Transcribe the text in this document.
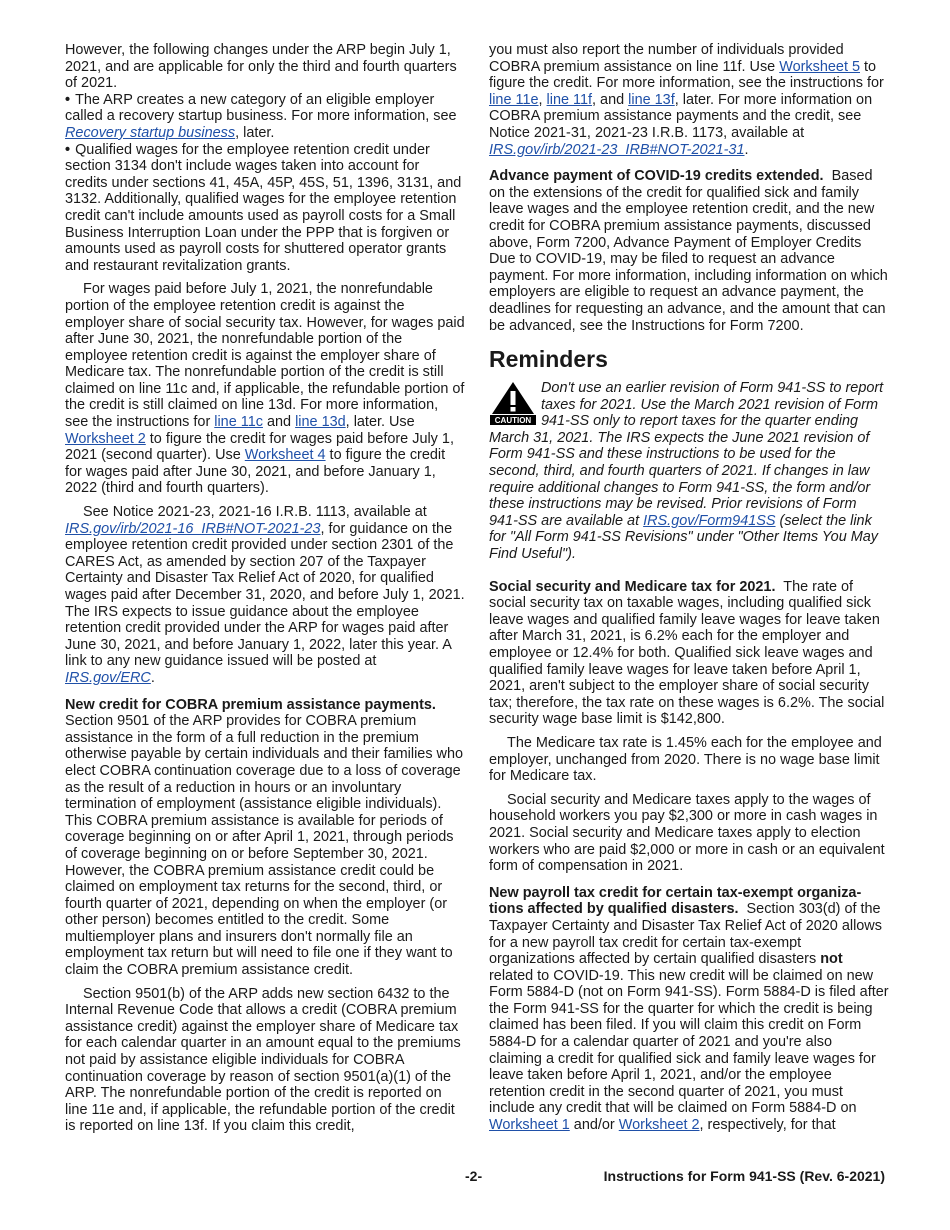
However, the following changes under the ARP begin July 1, 2021, and are applicable for only the third and fourth quarters of 2021.

• The ARP creates a new category of an eligible employer called a recovery startup business. For more information, see Recovery startup business, later.

• Qualified wages for the employee retention credit under section 3134 don't include wages taken into account for credits under sections 41, 45A, 45P, 45S, 51, 1396, 3131, and 3132. Additionally, qualified wages for the employee retention credit can't include amounts used as payroll costs for a Small Business Interruption Loan under the PPP that is forgiven or amounts used as payroll costs for shuttered operator grants and restaurant revitalization grants.

For wages paid before July 1, 2021, the nonrefundable portion of the employee retention credit is against the employer share of social security tax. However, for wages paid after June 30, 2021, the nonrefundable portion of the employee retention credit is against the employer share of Medicare tax. The nonrefundable portion of the credit is still claimed on line 11c and, if applicable, the refundable portion of the credit is still claimed on line 13d. For more information, see the instructions for line 11c and line 13d, later. Use Worksheet 2 to figure the credit for wages paid before July 1, 2021 (second quarter). Use Worksheet 4 to figure the credit for wages paid after June 30, 2021, and before January 1, 2022 (third and fourth quarters).

See Notice 2021-23, 2021-16 I.R.B. 1113, available at IRS.gov/irb/2021-16_IRB#NOT-2021-23, for guidance on the employee retention credit provided under section 2301 of the CARES Act, as amended by section 207 of the Taxpayer Certainty and Disaster Tax Relief Act of 2020, for qualified wages paid after December 31, 2020, and before July 1, 2021. The IRS expects to issue guidance about the employee retention credit provided under the ARP for wages paid after June 30, 2021, and before January 1, 2022, later this year. A link to any new guidance issued will be posted at IRS.gov/ERC.

New credit for COBRA premium assistance payments.
Section 9501 of the ARP provides for COBRA premium assistance in the form of a full reduction in the premium otherwise payable by certain individuals and their families who elect COBRA continuation coverage due to a loss of coverage as the result of a reduction in hours or an involuntary termination of employment (assistance eligible individuals). This COBRA premium assistance is available for periods of coverage beginning on or after April 1, 2021, through periods of coverage beginning on or before September 30, 2021. However, the COBRA premium assistance credit could be claimed on employment tax returns for the second, third, or fourth quarter of 2021, depending on when the employer (or other person) becomes entitled to the credit. Some multiemployer plans and insurers don't normally file an employment tax return but will need to file one if they want to claim the COBRA premium assistance credit.

Section 9501(b) of the ARP adds new section 6432 to the Internal Revenue Code that allows a credit (COBRA premium assistance credit) against the employer share of Medicare tax for each calendar quarter in an amount equal to the premiums not paid by assistance eligible individuals for COBRA continuation coverage by reason of section 9501(a)(1) of the ARP. The nonrefundable portion of the credit is reported on line 11e and, if applicable, the refundable portion of the credit is reported on line 13f. If you claim this credit,

you must also report the number of individuals provided COBRA premium assistance on line 11f. Use Worksheet 5 to figure the credit. For more information, see the instructions for line 11e, line 11f, and line 13f, later. For more information on COBRA premium assistance payments and the credit, see Notice 2021-31, 2021-23 I.R.B. 1173, available at IRS.gov/irb/2021-23_IRB#NOT-2021-31.

Advance payment of COVID-19 credits extended. Based on the extensions of the credit for qualified sick and family leave wages and the employee retention credit, and the new credit for COBRA premium assistance payments, discussed above, Form 7200, Advance Payment of Employer Credits Due to COVID-19, may be filed to request an advance payment. For more information, including information on which employers are eligible to request an advance payment, the deadlines for requesting an advance, and the amount that can be advanced, see the Instructions for Form 7200.

Reminders
CAUTION
Don't use an earlier revision of Form 941-SS to report taxes for 2021. Use the March 2021 revision of Form 941-SS only to report taxes for the quarter ending March 31, 2021. The IRS expects the June 2021 revision of Form 941-SS and these instructions to be used for the second, third, and fourth quarters of 2021. If changes in law require additional changes to Form 941-SS, the form and/or these instructions may be revised. Prior revisions of Form 941-SS are available at IRS.gov/Form941SS (select the link for "All Form 941-SS Revisions" under "Other Items You May Find Useful").

Social security and Medicare tax for 2021. The rate of social security tax on taxable wages, including qualified sick leave wages and qualified family leave wages for leave taken after March 31, 2021, is 6.2% each for the employer and employee or 12.4% for both. Qualified sick leave wages and qualified family leave wages for leave taken before April 1, 2021, aren't subject to the employer share of social security tax; therefore, the tax rate on these wages is 6.2%. The social security wage base limit is $142,800.

The Medicare tax rate is 1.45% each for the employee and employer, unchanged from 2020. There is no wage base limit for Medicare tax.

Social security and Medicare taxes apply to the wages of household workers you pay $2,300 or more in cash wages in 2021. Social security and Medicare taxes apply to election workers who are paid $2,000 or more in cash or an equivalent form of compensation in 2021.

New payroll tax credit for certain tax-exempt organiza-tions affected by qualified disasters. Section 303(d) of the Taxpayer Certainty and Disaster Tax Relief Act of 2020 allows for a new payroll tax credit for certain tax-exempt organizations affected by certain qualified disasters not related to COVID-19. This new credit will be claimed on new Form 5884-D (not on Form 941-SS). Form 5884-D is filed after the Form 941-SS for the quarter for which the credit is being claimed has been filed. If you will claim this credit on Form 5884-D for a calendar quarter of 2021 and you're also claiming a credit for qualified sick and family leave wages for leave taken before April 1, 2021, and/or the employee retention credit in the second quarter of 2021, you must include any credit that will be claimed on Form 5884-D on Worksheet 1 and/or Worksheet 2, respectively, for that

-2-	Instructions for Form 941-SS (Rev. 6-2021)
